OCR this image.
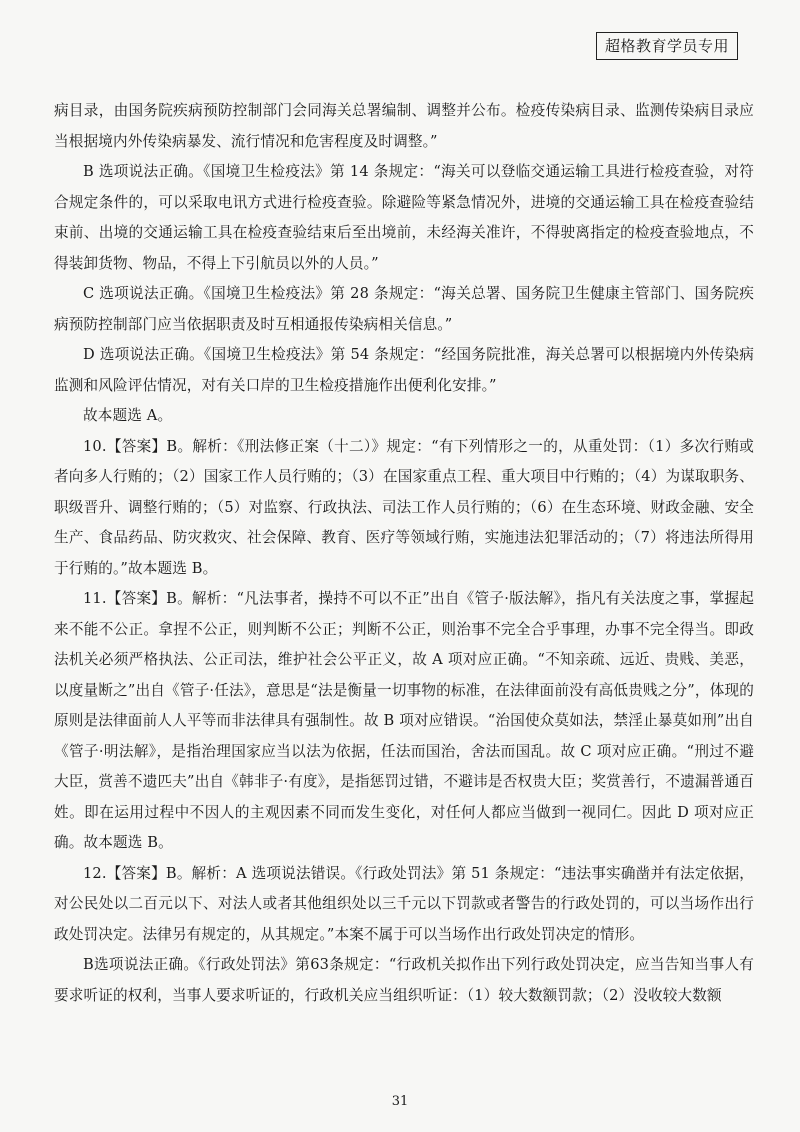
超格教育学员专用

病目录，由国务院疾病预防控制部门会同海关总署编制、调整并公布。检疫传染病目录、监测传染病目录应当根据境内外传染病暴发、流行情况和危害程度及时调整。”

B 选项说法正确。《国境卫生检疫法》第 14 条规定：“海关可以登临交通运输工具进行检疫查验，对符合规定条件的，可以采取电讯方式进行检疫查验。除避险等紧急情况外，进境的交通运输工具在检疫查验结束前、出境的交通运输工具在检疫查验结束后至出境前，未经海关准许，不得驶离指定的检疫查验地点，不得装卸货物、物品，不得上下引航员以外的人员。”

C 选项说法正确。《国境卫生检疫法》第 28 条规定：“海关总署、国务院卫生健康主管部门、国务院疾病预防控制部门应当依据职责及时互相通报传染病相关信息。”

D 选项说法正确。《国境卫生检疫法》第 54 条规定：“经国务院批准，海关总署可以根据境内外传染病监测和风险评估情况，对有关口岸的卫生检疫措施作出便利化安排。”

故本题选 A。

10.【答案】B。解析：《刑法修正案（十二）》规定：“有下列情形之一的，从重处罚：（1）多次行贿或者向多人行贿的；（2）国家工作人员行贿的；（3）在国家重点工程、重大项目中行贿的；（4）为谋取职务、职级晋升、调整行贿的；（5）对监察、行政执法、司法工作人员行贿的；（6）在生态环境、财政金融、安全生产、食品药品、防灾救灾、社会保障、教育、医疗等领域行贿，实施违法犯罪活动的；（7）将违法所得用于行贿的。”故本题选 B。

11.【答案】B。解析：“凡法事者，操持不可以不正”出自《管子·版法解》，指凡有关法度之事，掌握起来不能不公正。拿捏不公正，则判断不公正；判断不公正，则治事不完全合乎事理，办事不完全得当。即政法机关必须严格执法、公正司法，维护社会公平正义，故 A 项对应正确。“不知亲疏、远近、贵贱、美恶，以度量断之”出自《管子·任法》，意思是“法是衡量一切事物的标准，在法律面前没有高低贵贱之分”，体现的原则是法律面前人人平等而非法律具有强制性。故 B 项对应错误。“治国使众莫如法，禁淫止暴莫如刑”出自《管子·明法解》，是指治理国家应当以法为依据，任法而国治，舍法而国乱。故 C 项对应正确。“刑过不避大臣，赏善不遗匹夫”出自《韩非子·有度》，是指惩罚过错，不避讳是否权贵大臣；奖赏善行，不遗漏普通百姓。即在运用过程中不因人的主观因素不同而发生变化，对任何人都应当做到一视同仁。因此 D 项对应正确。故本题选 B。

12.【答案】B。解析：A 选项说法错误。《行政处罚法》第 51 条规定：“违法事实确凿并有法定依据，对公民处以二百元以下、对法人或者其他组织处以三千元以下罚款或者警告的行政处罚的，可以当场作出行政处罚决定。法律另有规定的，从其规定。”本案不属于可以当场作出行政处罚决定的情形。

B选项说法正确。《行政处罚法》第63条规定：“行政机关拟作出下列行政处罚决定，应当告知当事人有要求听证的权利，当事人要求听证的，行政机关应当组织听证：（1）较大数额罚款；（2）没收较大数额

31
